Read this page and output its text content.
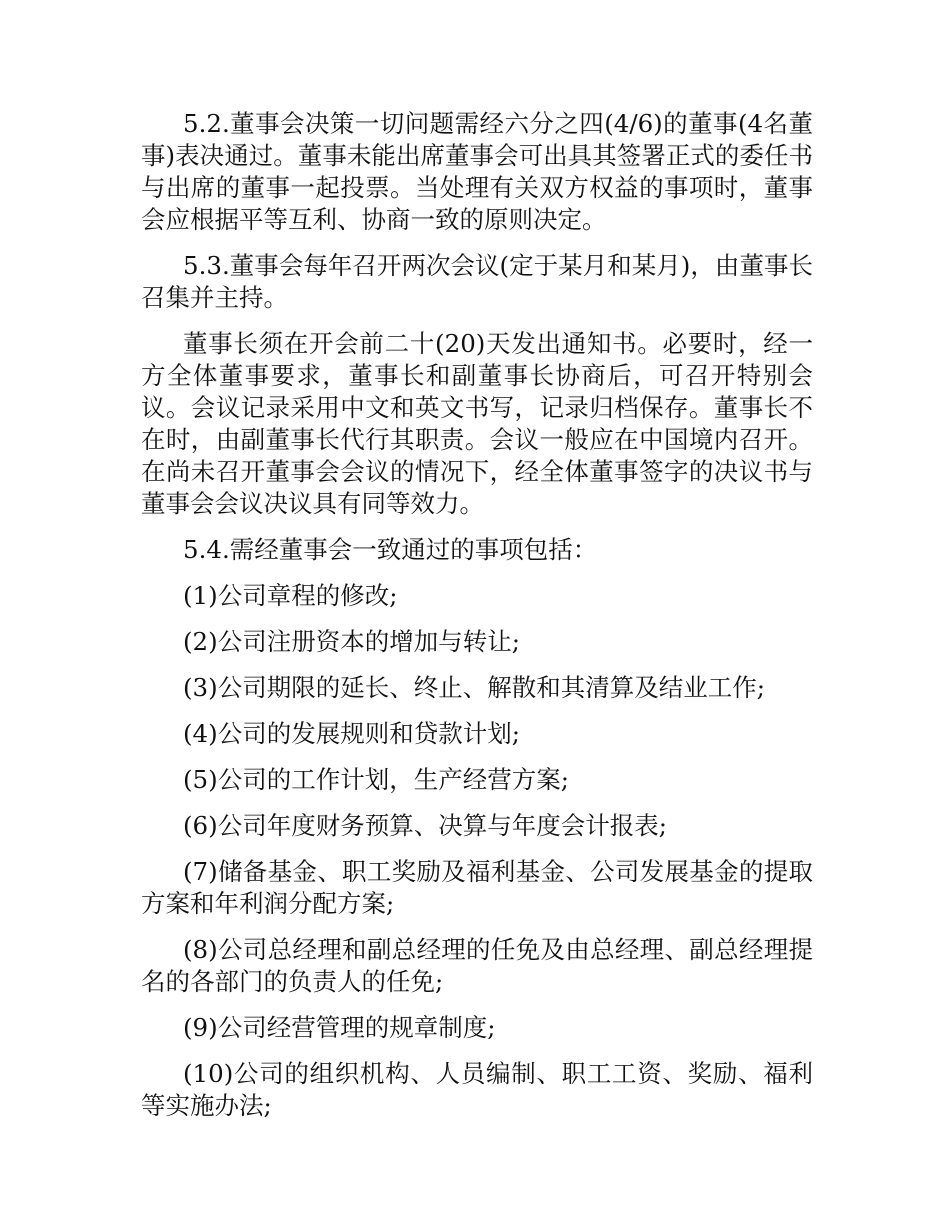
5.2.董事会决策一切问题需经六分之四(4/6)的董事(4名董事)表决通过。董事未能出席董事会可出具其签署正式的委任书与出席的董事一起投票。当处理有关双方权益的事项时，董事会应根据平等互利、协商一致的原则决定。

5.3.董事会每年召开两次会议(定于某月和某月)，由董事长召集并主持。

董事长须在开会前二十(20)天发出通知书。必要时，经一方全体董事要求，董事长和副董事长协商后，可召开特别会议。会议记录采用中文和英文书写，记录归档保存。董事长不在时，由副董事长代行其职责。会议一般应在中国境内召开。在尚未召开董事会会议的情况下，经全体董事签字的决议书与董事会会议决议具有同等效力。

5.4.需经董事会一致通过的事项包括：

(1)公司章程的修改;

(2)公司注册资本的增加与转让;

(3)公司期限的延长、终止、解散和其清算及结业工作;

(4)公司的发展规则和贷款计划;

(5)公司的工作计划，生产经营方案;

(6)公司年度财务预算、决算与年度会计报表;

(7)储备基金、职工奖励及福利基金、公司发展基金的提取方案和年利润分配方案;

(8)公司总经理和副总经理的任免及由总经理、副总经理提名的各部门的负责人的任免;

(9)公司经营管理的规章制度;

(10)公司的组织机构、人员编制、职工工资、奖励、福利等实施办法;
